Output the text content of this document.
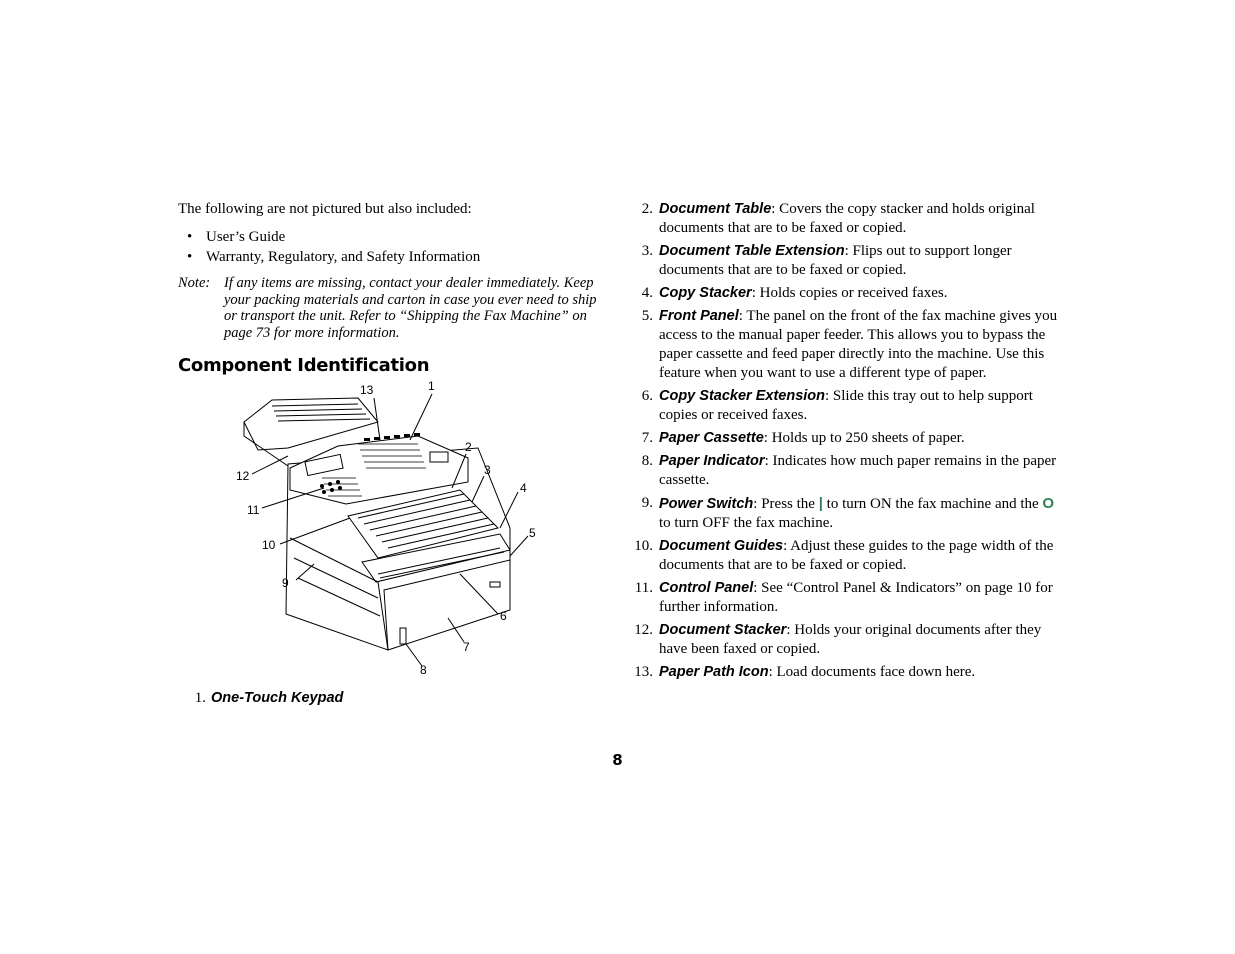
The following are not pictured but also included:

• User’s Guide
• Warranty, Regulatory, and Safety Information

Note: If any items are missing, contact your dealer immediately. Keep your packing materials and carton in case you ever need to ship or transport the unit. Refer to “Shipping the Fax Machine” on page 73 for more information.

Component Identification
13	1
2
3
4
5
12
11
10
9
6
7
8
1. One-Touch Keypad
2. Document Table: Covers the copy stacker and holds original documents that are to be faxed or copied.
3. Document Table Extension: Flips out to support longer documents that are to be faxed or copied.
4. Copy Stacker: Holds copies or received faxes.
5. Front Panel: The panel on the front of the fax machine gives you access to the manual paper feeder. This allows you to bypass the paper cassette and feed paper directly into the machine. Use this feature when you want to use a different type of paper.
6. Copy Stacker Extension: Slide this tray out to help support copies or received faxes.
7. Paper Cassette: Holds up to 250 sheets of paper.
8. Paper Indicator: Indicates how much paper remains in the paper cassette.
9. Power Switch: Press the | to turn ON the fax machine and the O to turn OFF the fax machine.
10. Document Guides: Adjust these guides to the page width of the documents that are to be faxed or copied.
11. Control Panel: See “Control Panel & Indicators” on page 10 for further information.
12. Document Stacker: Holds your original documents after they have been faxed or copied.
13. Paper Path Icon: Load documents face down here.
8
